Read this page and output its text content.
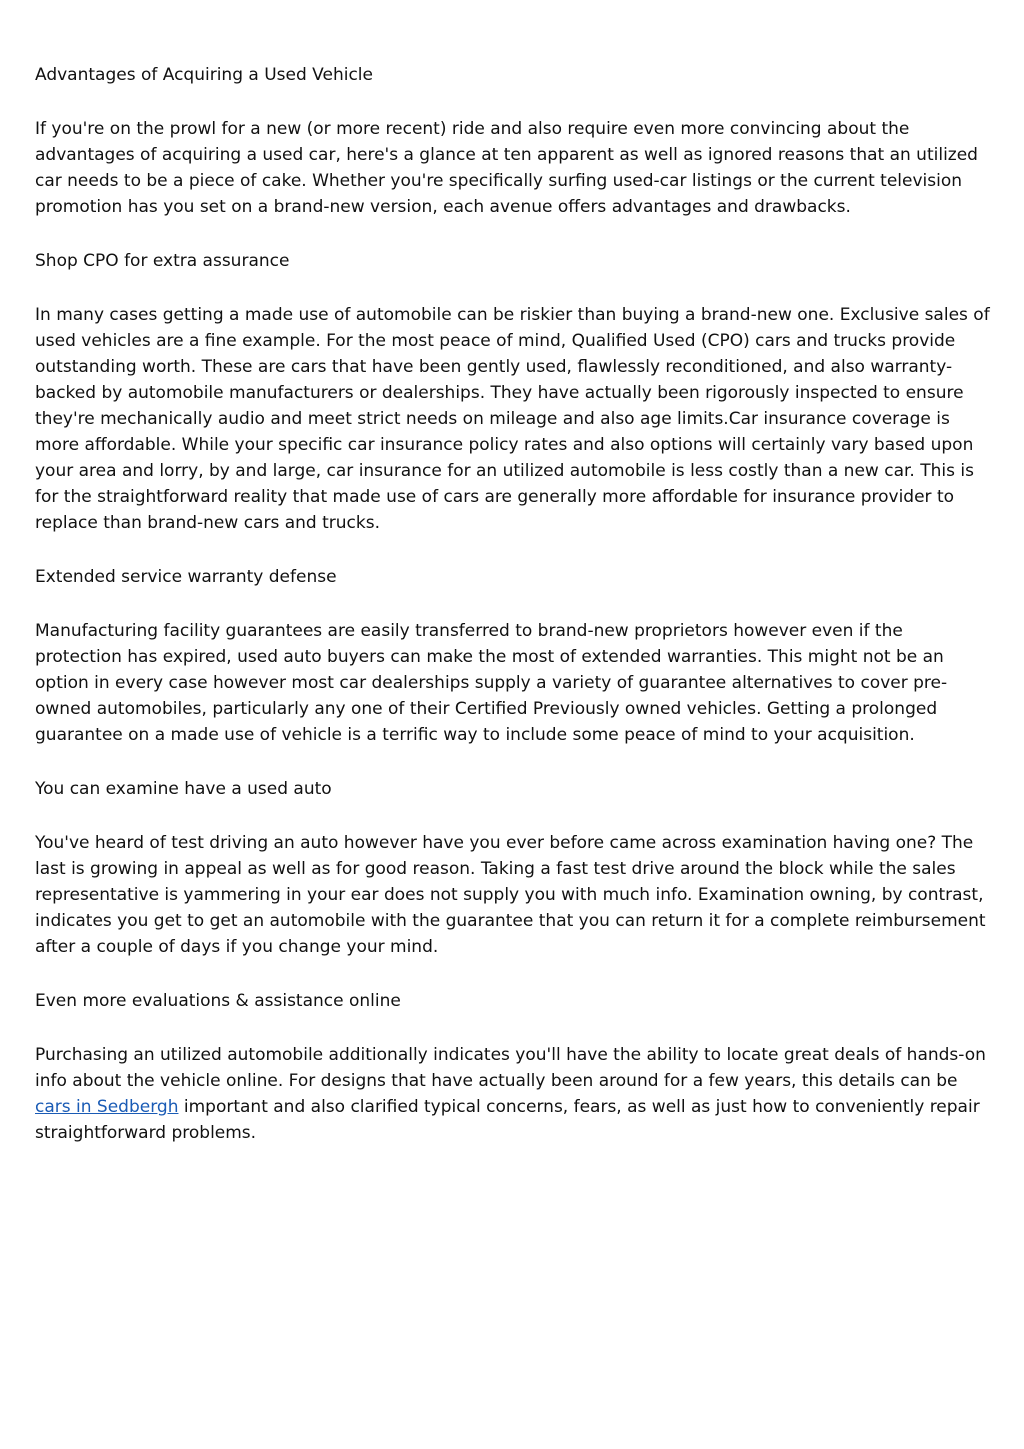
Advantages of Acquiring a Used Vehicle

If you're on the prowl for a new (or more recent) ride and also require even more convincing about the advantages of acquiring a used car, here's a glance at ten apparent as well as ignored reasons that an utilized car needs to be a piece of cake. Whether you're specifically surfing used-car listings or the current television promotion has you set on a brand-new version, each avenue offers advantages and drawbacks.

Shop CPO for extra assurance

In many cases getting a made use of automobile can be riskier than buying a brand-new one. Exclusive sales of used vehicles are a fine example. For the most peace of mind, Qualified Used (CPO) cars and trucks provide outstanding worth. These are cars that have been gently used, flawlessly reconditioned, and also warranty-backed by automobile manufacturers or dealerships. They have actually been rigorously inspected to ensure they're mechanically audio and meet strict needs on mileage and also age limits.Car insurance coverage is more affordable. While your specific car insurance policy rates and also options will certainly vary based upon your area and lorry, by and large, car insurance for an utilized automobile is less costly than a new car. This is for the straightforward reality that made use of cars are generally more affordable for insurance provider to replace than brand-new cars and trucks.

Extended service warranty defense

Manufacturing facility guarantees are easily transferred to brand-new proprietors however even if the protection has expired, used auto buyers can make the most of extended warranties. This might not be an option in every case however most car dealerships supply a variety of guarantee alternatives to cover pre-owned automobiles, particularly any one of their Certified Previously owned vehicles. Getting a prolonged guarantee on a made use of vehicle is a terrific way to include some peace of mind to your acquisition.

You can examine have a used auto

You've heard of test driving an auto however have you ever before came across examination having one? The last is growing in appeal as well as for good reason. Taking a fast test drive around the block while the sales representative is yammering in your ear does not supply you with much info. Examination owning, by contrast, indicates you get to get an automobile with the guarantee that you can return it for a complete reimbursement after a couple of days if you change your mind.

Even more evaluations & assistance online

Purchasing an utilized automobile additionally indicates you'll have the ability to locate great deals of hands-on info about the vehicle online. For designs that have actually been around for a few years, this details can be cars in Sedbergh important and also clarified typical concerns, fears, as well as just how to conveniently repair straightforward problems.
